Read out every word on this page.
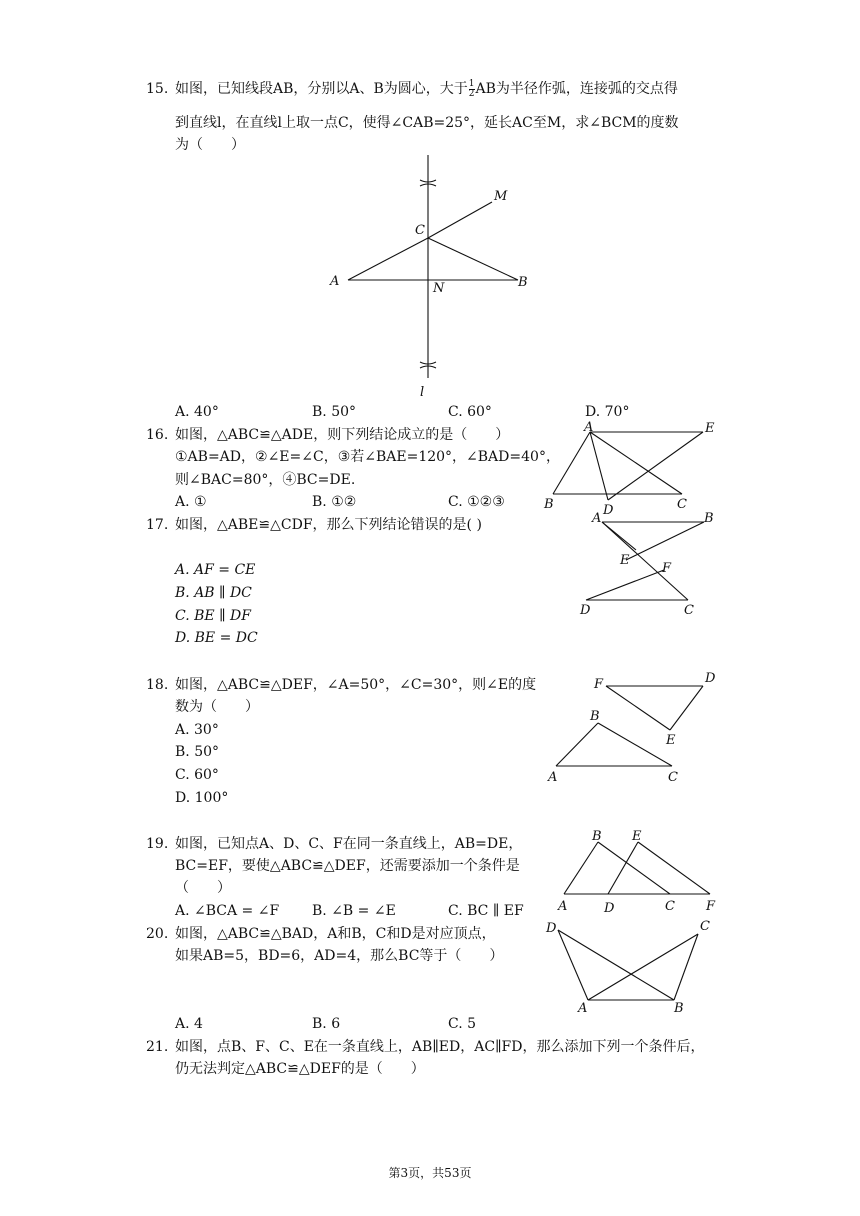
15. 如图，已知线段AB，分别以A、B为圆心，大于 $\frac{1}{2}$ AB为半径作弧，连接弧的交点得
到直线l，在直线l上取一点C，使得∠CAB=25°，延长AC至M，求∠BCM的度数
为（　　）
A	B
C
M
N
l
A. 40°	B. 50°	C. 60°	D. 70°
16. 如图，△ABC≌△ADE，则下列结论成立的是（　　）
①AB=AD，②∠E=∠C，③若∠BAE=120°，∠BAD=40°，
则∠BAC=80°，④BC=DE.
A. ①	B. ①②	C. ①②③
A
B	C
D
E
17. 如图，△ABE≌△CDF，那么下列结论错误的是( )
A. AF = CE
B. AB ∥ DC
C. BE ∥ DF
D. BE = DC
A	B
E
F
D	C
18. 如图，△ABC≌△DEF，∠A=50°，∠C=30°，则∠E的度
数为（　　）
A. 30°
B. 50°
C. 60°
D. 100°
F	D
E
B
A	C
19. 如图，已知点A、D、C、F在同一条直线上，AB=DE，
BC=EF，要使△ABC≌△DEF，还需要添加一个条件是
（　　）
A. ∠BCA = ∠F B. ∠B = ∠E	C. BC ∥ EF
B E
A	D	C F
20. 如图，△ABC≌△BAD，A和B，C和D是对应顶点，
如果AB=5，BD=6，AD=4，那么BC等于（　　）
A. 4	B. 6	C. 5
D	C
A	B
21. 如图，点B、F、C、E在一条直线上，AB∥ED，AC∥FD，那么添加下列一个条件后，
仍无法判定△ABC≌△DEF的是（　　）
第3页，共53页
